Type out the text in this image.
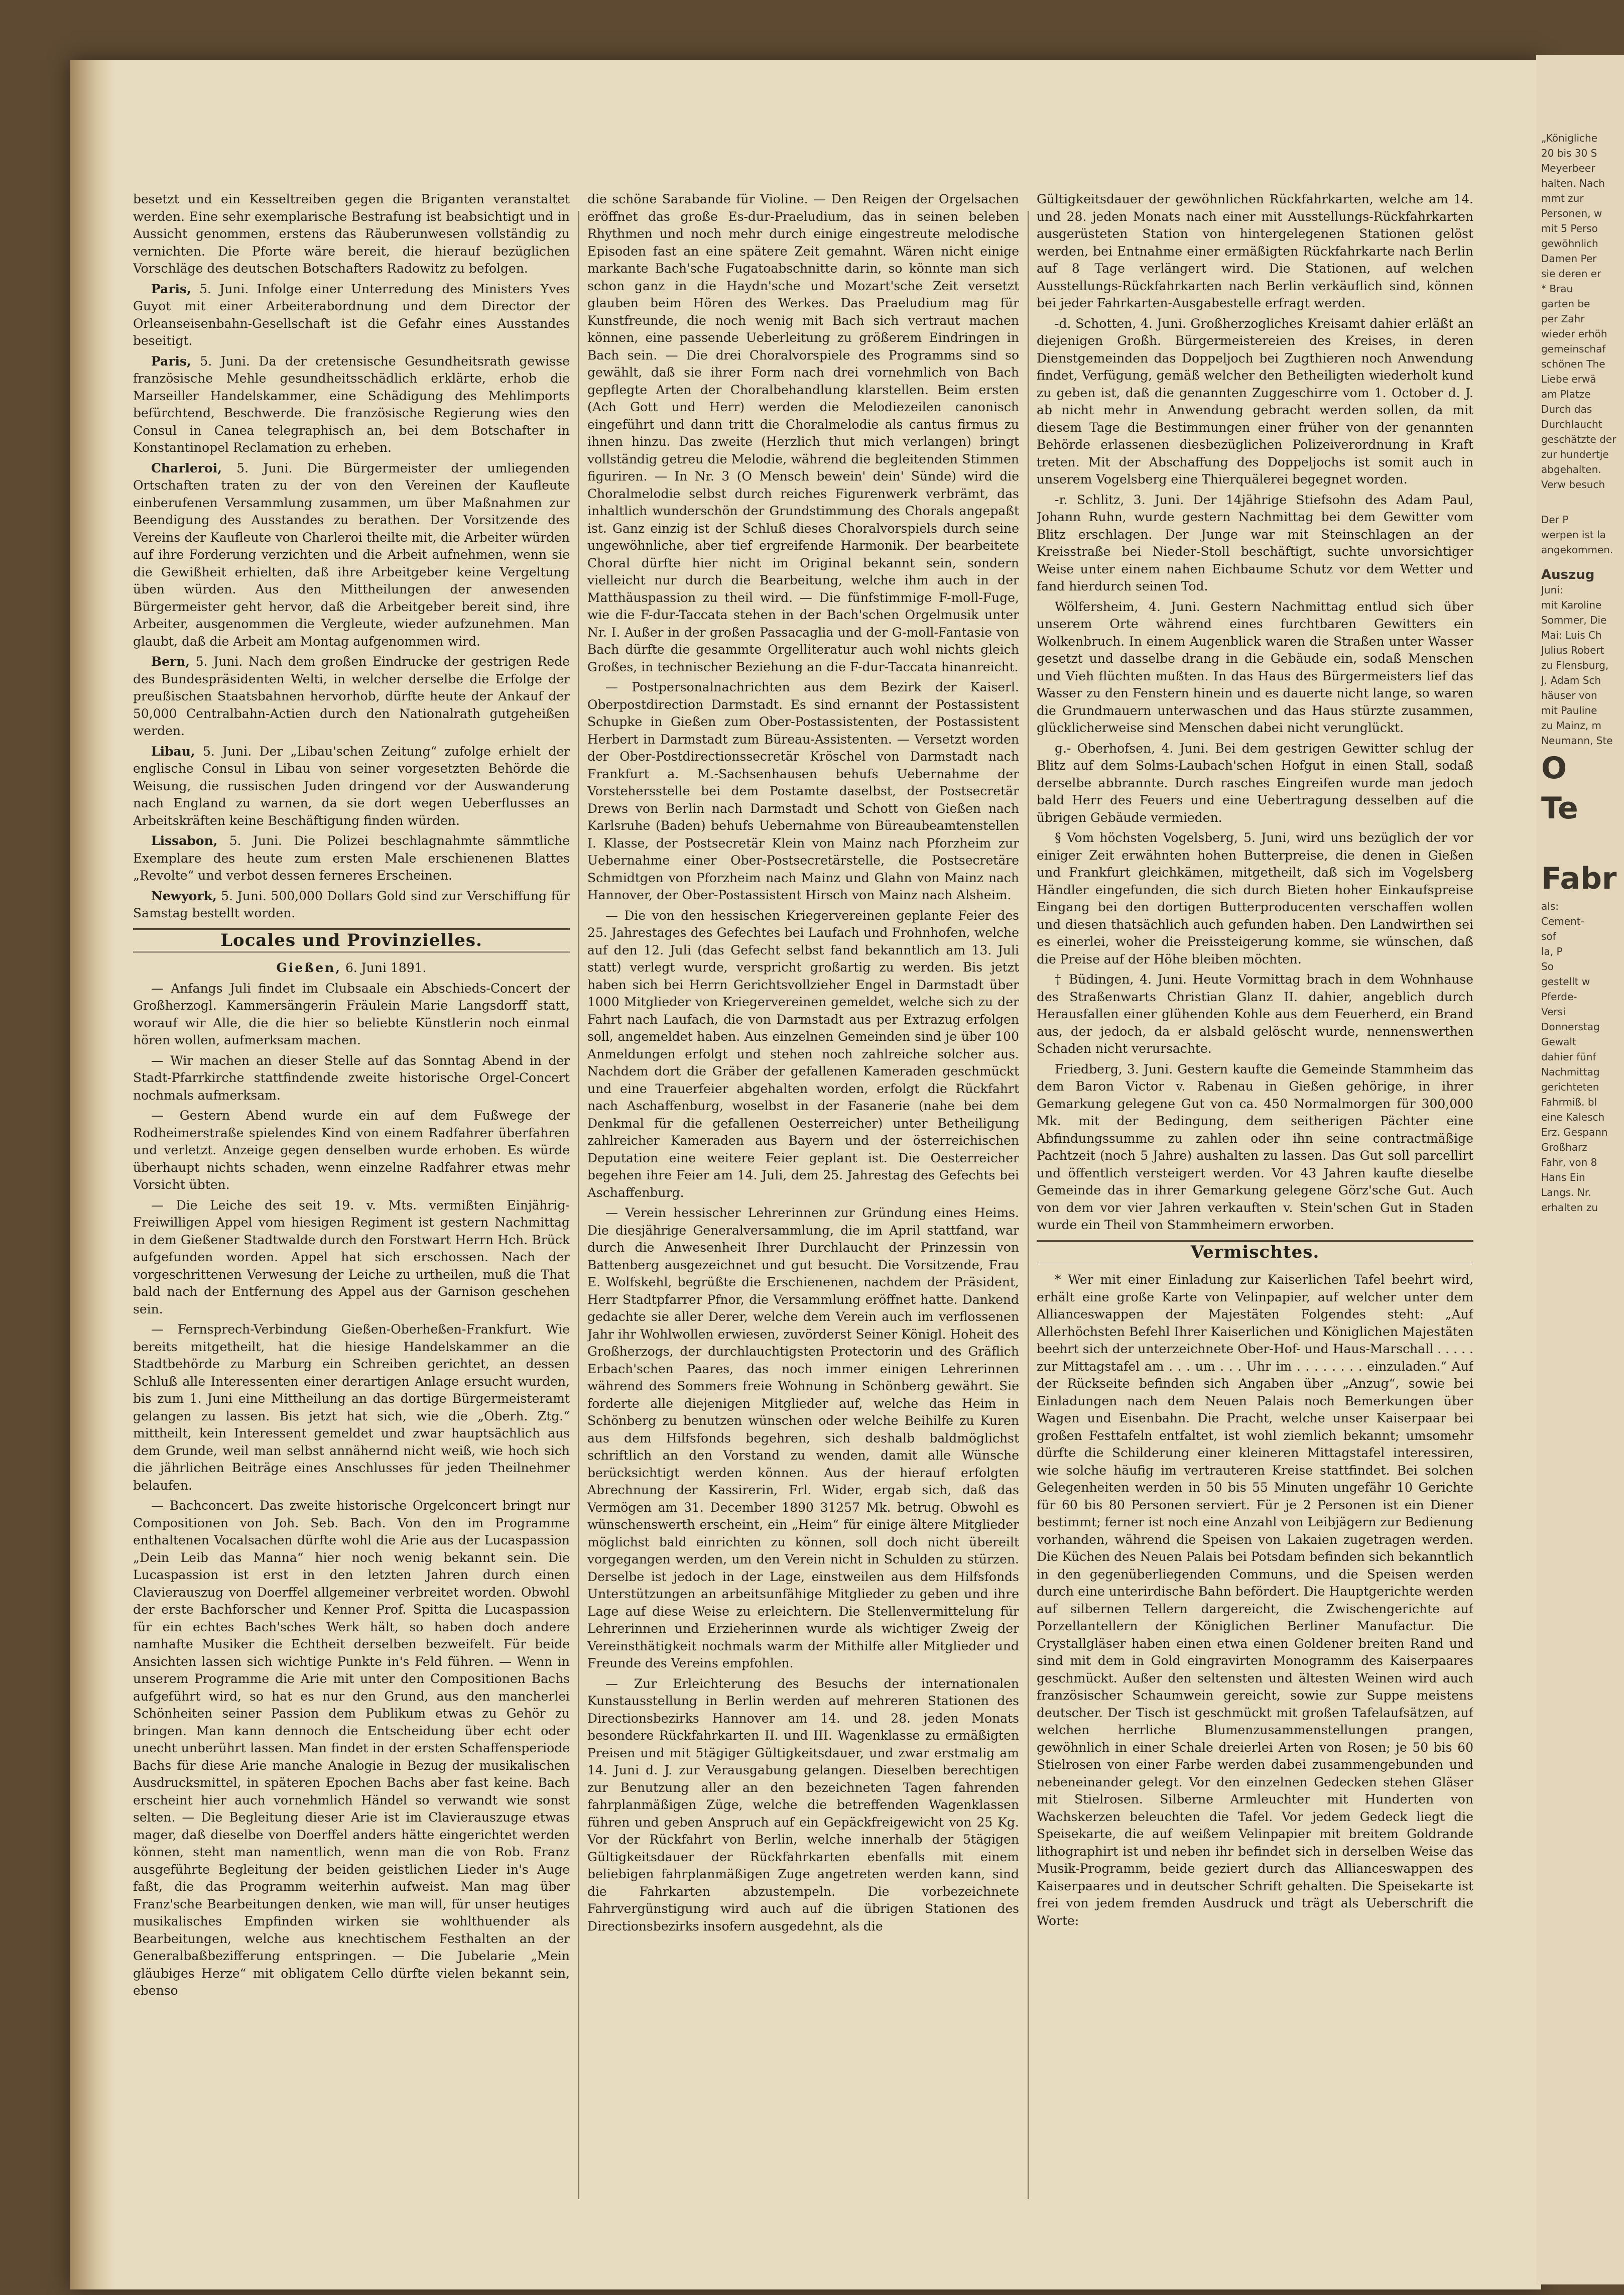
besetzt und ein Kesseltreiben gegen die Briganten veranstaltet werden. Eine sehr exemplarische Bestrafung ist beabsichtigt und in Aussicht genommen, erstens das Räuberunwesen vollständig zu vernichten. Die Pforte wäre bereit, die hierauf bezüglichen Vorschläge des deutschen Botschafters Radowitz zu befolgen.

Paris, 5. Juni. Infolge einer Unterredung des Ministers Yves Guyot mit einer Arbeiterabordnung und dem Director der Orleanseisenbahn-Gesellschaft ist die Gefahr eines Ausstandes beseitigt.

Paris, 5. Juni. Da der cretensische Gesundheitsrath gewisse französische Mehle gesundheitsschädlich erklärte, erhob die Marseiller Handelskammer, eine Schädigung des Mehlimports befürchtend, Beschwerde. Die französische Regierung wies den Consul in Canea telegraphisch an, bei dem Botschafter in Konstantinopel Reclamation zu erheben.

Charleroi, 5. Juni. Die Bürgermeister der umliegenden Ortschaften traten zu der von den Vereinen der Kaufleute einberufenen Versammlung zusammen, um über Maßnahmen zur Beendigung des Ausstandes zu berathen. Der Vorsitzende des Vereins der Kaufleute von Charleroi theilte mit, die Arbeiter würden auf ihre Forderung verzichten und die Arbeit aufnehmen, wenn sie die Gewißheit erhielten, daß ihre Arbeitgeber keine Vergeltung üben würden. Aus den Mittheilungen der anwesenden Bürgermeister geht hervor, daß die Arbeitgeber bereit sind, ihre Arbeiter, ausgenommen die Vergleute, wieder aufzunehmen. Man glaubt, daß die Arbeit am Montag aufgenommen wird.

Bern, 5. Juni. Nach dem großen Eindrucke der gestrigen Rede des Bundespräsidenten Welti, in welcher derselbe die Erfolge der preußischen Staatsbahnen hervorhob, dürfte heute der Ankauf der 50,000 Centralbahn-Actien durch den Nationalrath gutgeheißen werden.

Libau, 5. Juni. Der „Libau'schen Zeitung“ zufolge erhielt der englische Consul in Libau von seiner vorgesetzten Behörde die Weisung, die russischen Juden dringend vor der Auswanderung nach England zu warnen, da sie dort wegen Ueberflusses an Arbeitskräften keine Beschäftigung finden würden.

Lissabon, 5. Juni. Die Polizei beschlagnahmte sämmtliche Exemplare des heute zum ersten Male erschienenen Blattes „Revolte“ und verbot dessen ferneres Erscheinen.

Newyork, 5. Juni. 500,000 Dollars Gold sind zur Verschiffung für Samstag bestellt worden.

Locales und Provinzielles.

Gießen, 6. Juni 1891.

— Anfangs Juli findet im Clubsaale ein Abschieds-Concert der Großherzogl. Kammersängerin Fräulein Marie Langsdorff statt, worauf wir Alle, die die hier so beliebte Künstlerin noch einmal hören wollen, aufmerksam machen.

— Wir machen an dieser Stelle auf das Sonntag Abend in der Stadt-Pfarrkirche stattfindende zweite historische Orgel-Concert nochmals aufmerksam.

— Gestern Abend wurde ein auf dem Fußwege der Rodheimerstraße spielendes Kind von einem Radfahrer überfahren und verletzt. Anzeige gegen denselben wurde erhoben. Es würde überhaupt nichts schaden, wenn einzelne Radfahrer etwas mehr Vorsicht übten.

— Die Leiche des seit 19. v. Mts. vermißten Einjährig-Freiwilligen Appel vom hiesigen Regiment ist gestern Nachmittag in dem Gießener Stadtwalde durch den Forstwart Herrn Hch. Brück aufgefunden worden. Appel hat sich erschossen. Nach der vorgeschrittenen Verwesung der Leiche zu urtheilen, muß die That bald nach der Entfernung des Appel aus der Garnison geschehen sein.

— Fernsprech-Verbindung Gießen-Oberheßen-Frankfurt. Wie bereits mitgetheilt, hat die hiesige Handelskammer an die Stadtbehörde zu Marburg ein Schreiben gerichtet, an dessen Schluß alle Interessenten einer derartigen Anlage ersucht wurden, bis zum 1. Juni eine Mittheilung an das dortige Bürgermeisteramt gelangen zu lassen. Bis jetzt hat sich, wie die „Oberh. Ztg.“ mittheilt, kein Interessent gemeldet und zwar hauptsächlich aus dem Grunde, weil man selbst annähernd nicht weiß, wie hoch sich die jährlichen Beiträge eines Anschlusses für jeden Theilnehmer belaufen.

— Bachconcert. Das zweite historische Orgelconcert bringt nur Compositionen von Joh. Seb. Bach. Von den im Programme enthaltenen Vocalsachen dürfte wohl die Arie aus der Lucaspassion „Dein Leib das Manna“ hier noch wenig bekannt sein. Die Lucaspassion ist erst in den letzten Jahren durch einen Clavierauszug von Doerffel allgemeiner verbreitet worden. Obwohl der erste Bachforscher und Kenner Prof. Spitta die Lucaspassion für ein echtes Bach'sches Werk hält, so haben doch andere namhafte Musiker die Echtheit derselben bezweifelt. Für beide Ansichten lassen sich wichtige Punkte in's Feld führen. — Wenn in unserem Programme die Arie mit unter den Compositionen Bachs aufgeführt wird, so hat es nur den Grund, aus den mancherlei Schönheiten seiner Passion dem Publikum etwas zu Gehör zu bringen. Man kann dennoch die Entscheidung über echt oder unecht unberührt lassen. Man findet in der ersten Schaffensperiode Bachs für diese Arie manche Analogie in Bezug der musikalischen Ausdrucksmittel, in späteren Epochen Bachs aber fast keine. Bach erscheint hier auch vornehmlich Händel so verwandt wie sonst selten. — Die Begleitung dieser Arie ist im Clavierauszuge etwas mager, daß dieselbe von Doerffel anders hätte eingerichtet werden können, steht man namentlich, wenn man die von Rob. Franz ausgeführte Begleitung der beiden geistlichen Lieder in's Auge faßt, die das Programm weiterhin aufweist. Man mag über Franz'sche Bearbeitungen denken, wie man will, für unser heutiges musikalisches Empfinden wirken sie wohlthuender als Bearbeitungen, welche aus knechtischem Festhalten an der Generalbaßbezifferung entspringen. — Die Jubelarie „Mein gläubiges Herze“ mit obligatem Cello dürfte vielen bekannt sein, ebenso

die schöne Sarabande für Violine. — Den Reigen der Orgelsachen eröffnet das große Es-dur-Praeludium, das in seinen beleben Rhythmen und noch mehr durch einige eingestreute melodische Episoden fast an eine spätere Zeit gemahnt. Wären nicht einige markante Bach'sche Fugatoabschnitte darin, so könnte man sich schon ganz in die Haydn'sche und Mozart'sche Zeit versetzt glauben beim Hören des Werkes. Das Praeludium mag für Kunstfreunde, die noch wenig mit Bach sich vertraut machen können, eine passende Ueberleitung zu größerem Eindringen in Bach sein. — Die drei Choralvorspiele des Programms sind so gewählt, daß sie ihrer Form nach drei vornehmlich von Bach gepflegte Arten der Choralbehandlung klarstellen. Beim ersten (Ach Gott und Herr) werden die Melodiezeilen canonisch eingeführt und dann tritt die Choralmelodie als cantus firmus zu ihnen hinzu. Das zweite (Herzlich thut mich verlangen) bringt vollständig getreu die Melodie, während die begleitenden Stimmen figuriren. — In Nr. 3 (O Mensch bewein' dein' Sünde) wird die Choralmelodie selbst durch reiches Figurenwerk verbrämt, das inhaltlich wunderschön der Grundstimmung des Chorals angepaßt ist. Ganz einzig ist der Schluß dieses Choralvorspiels durch seine ungewöhnliche, aber tief ergreifende Harmonik. Der bearbeitete Choral dürfte hier nicht im Original bekannt sein, sondern vielleicht nur durch die Bearbeitung, welche ihm auch in der Matthäuspassion zu theil wird. — Die fünfstimmige F-moll-Fuge, wie die F-dur-Taccata stehen in der Bach'schen Orgelmusik unter Nr. I. Außer in der großen Passacaglia und der G-moll-Fantasie von Bach dürfte die gesammte Orgelliteratur auch wohl nichts gleich Großes, in technischer Beziehung an die F-dur-Taccata hinanreicht.

— Postpersonalnachrichten aus dem Bezirk der Kaiserl. Oberpostdirection Darmstadt. Es sind ernannt der Postassistent Schupke in Gießen zum Ober-Postassistenten, der Postassistent Herbert in Darmstadt zum Büreau-Assistenten. — Versetzt worden der Ober-Postdirectionssecretär Kröschel von Darmstadt nach Frankfurt a. M.-Sachsenhausen behufs Uebernahme der Vorstehersstelle bei dem Postamte daselbst, der Postsecretär Drews von Berlin nach Darmstadt und Schott von Gießen nach Karlsruhe (Baden) behufs Uebernahme von Büreaubeamtenstellen I. Klasse, der Postsecretär Klein von Mainz nach Pforzheim zur Uebernahme einer Ober-Postsecretärstelle, die Postsecretäre Schmidtgen von Pforzheim nach Mainz und Glahn von Mainz nach Hannover, der Ober-Postassistent Hirsch von Mainz nach Alsheim.

— Die von den hessischen Kriegervereinen geplante Feier des 25. Jahrestages des Gefechtes bei Laufach und Frohnhofen, welche auf den 12. Juli (das Gefecht selbst fand bekanntlich am 13. Juli statt) verlegt wurde, verspricht großartig zu werden. Bis jetzt haben sich bei Herrn Gerichtsvollzieher Engel in Darmstadt über 1000 Mitglieder von Kriegervereinen gemeldet, welche sich zu der Fahrt nach Laufach, die von Darmstadt aus per Extrazug erfolgen soll, angemeldet haben. Aus einzelnen Gemeinden sind je über 100 Anmeldungen erfolgt und stehen noch zahlreiche solcher aus. Nachdem dort die Gräber der gefallenen Kameraden geschmückt und eine Trauerfeier abgehalten worden, erfolgt die Rückfahrt nach Aschaffenburg, woselbst in der Fasanerie (nahe bei dem Denkmal für die gefallenen Oesterreicher) unter Betheiligung zahlreicher Kameraden aus Bayern und der österreichischen Deputation eine weitere Feier geplant ist. Die Oesterreicher begehen ihre Feier am 14. Juli, dem 25. Jahrestag des Gefechts bei Aschaffenburg.

— Verein hessischer Lehrerinnen zur Gründung eines Heims. Die diesjährige Generalversammlung, die im April stattfand, war durch die Anwesenheit Ihrer Durchlaucht der Prinzessin von Battenberg ausgezeichnet und gut besucht. Die Vorsitzende, Frau E. Wolfskehl, begrüßte die Erschienenen, nachdem der Präsident, Herr Stadtpfarrer Pfnor, die Versammlung eröffnet hatte. Dankend gedachte sie aller Derer, welche dem Verein auch im verflossenen Jahr ihr Wohlwollen erwiesen, zuvörderst Seiner Königl. Hoheit des Großherzogs, der durchlauchtigsten Protectorin und des Gräflich Erbach'schen Paares, das noch immer einigen Lehrerinnen während des Sommers freie Wohnung in Schönberg gewährt. Sie forderte alle diejenigen Mitglieder auf, welche das Heim in Schönberg zu benutzen wünschen oder welche Beihilfe zu Kuren aus dem Hilfsfonds begehren, sich deshalb baldmöglichst schriftlich an den Vorstand zu wenden, damit alle Wünsche berücksichtigt werden können. Aus der hierauf erfolgten Abrechnung der Kassirerin, Frl. Wider, ergab sich, daß das Vermögen am 31. December 1890 31257 Mk. betrug. Obwohl es wünschenswerth erscheint, ein „Heim“ für einige ältere Mitglieder möglichst bald einrichten zu können, soll doch nicht übereilt vorgegangen werden, um den Verein nicht in Schulden zu stürzen. Derselbe ist jedoch in der Lage, einstweilen aus dem Hilfsfonds Unterstützungen an arbeitsunfähige Mitglieder zu geben und ihre Lage auf diese Weise zu erleichtern. Die Stellenvermittelung für Lehrerinnen und Erzieherinnen wurde als wichtiger Zweig der Vereinsthätigkeit nochmals warm der Mithilfe aller Mitglieder und Freunde des Vereins empfohlen.

— Zur Erleichterung des Besuchs der internationalen Kunstausstellung in Berlin werden auf mehreren Stationen des Directionsbezirks Hannover am 14. und 28. jeden Monats besondere Rückfahrkarten II. und III. Wagenklasse zu ermäßigten Preisen und mit 5tägiger Gültigkeitsdauer, und zwar erstmalig am 14. Juni d. J. zur Verausgabung gelangen. Dieselben berechtigen zur Benutzung aller an den bezeichneten Tagen fahrenden fahrplanmäßigen Züge, welche die betreffenden Wagenklassen führen und geben Anspruch auf ein Gepäckfreigewicht von 25 Kg. Vor der Rückfahrt von Berlin, welche innerhalb der 5tägigen Gültigkeitsdauer der Rückfahrkarten ebenfalls mit einem beliebigen fahrplanmäßigen Zuge angetreten werden kann, sind die Fahrkarten abzustempeln. Die vorbezeichnete Fahrvergünstigung wird auch auf die übrigen Stationen des Directionsbezirks insofern ausgedehnt, als die

Gültigkeitsdauer der gewöhnlichen Rückfahrkarten, welche am 14. und 28. jeden Monats nach einer mit Ausstellungs-Rückfahrkarten ausgerüsteten Station von hintergelegenen Stationen gelöst werden, bei Entnahme einer ermäßigten Rückfahrkarte nach Berlin auf 8 Tage verlängert wird. Die Stationen, auf welchen Ausstellungs-Rückfahrkarten nach Berlin verkäuflich sind, können bei jeder Fahrkarten-Ausgabestelle erfragt werden.

-d. Schotten, 4. Juni. Großherzogliches Kreisamt dahier erläßt an diejenigen Großh. Bürgermeistereien des Kreises, in deren Dienstgemeinden das Doppeljoch bei Zugthieren noch Anwendung findet, Verfügung, gemäß welcher den Betheiligten wiederholt kund zu geben ist, daß die genannten Zuggeschirre vom 1. October d. J. ab nicht mehr in Anwendung gebracht werden sollen, da mit diesem Tage die Bestimmungen einer früher von der genannten Behörde erlassenen diesbezüglichen Polizeiverordnung in Kraft treten. Mit der Abschaffung des Doppeljochs ist somit auch in unserem Vogelsberg eine Thierquälerei begegnet worden.

-r. Schlitz, 3. Juni. Der 14jährige Stiefsohn des Adam Paul, Johann Ruhn, wurde gestern Nachmittag bei dem Gewitter vom Blitz erschlagen. Der Junge war mit Steinschlagen an der Kreisstraße bei Nieder-Stoll beschäftigt, suchte unvorsichtiger Weise unter einem nahen Eichbaume Schutz vor dem Wetter und fand hierdurch seinen Tod.

Wölfersheim, 4. Juni. Gestern Nachmittag entlud sich über unserem Orte während eines furchtbaren Gewitters ein Wolkenbruch. In einem Augenblick waren die Straßen unter Wasser gesetzt und dasselbe drang in die Gebäude ein, sodaß Menschen und Vieh flüchten mußten. In das Haus des Bürgermeisters lief das Wasser zu den Fenstern hinein und es dauerte nicht lange, so waren die Grundmauern unterwaschen und das Haus stürzte zusammen, glücklicherweise sind Menschen dabei nicht verunglückt.

g.- Oberhofsen, 4. Juni. Bei dem gestrigen Gewitter schlug der Blitz auf dem Solms-Laubach'schen Hofgut in einen Stall, sodaß derselbe abbrannte. Durch rasches Eingreifen wurde man jedoch bald Herr des Feuers und eine Uebertragung desselben auf die übrigen Gebäude vermieden.

§ Vom höchsten Vogelsberg, 5. Juni, wird uns bezüglich der vor einiger Zeit erwähnten hohen Butterpreise, die denen in Gießen und Frankfurt gleichkämen, mitgetheilt, daß sich im Vogelsberg Händler eingefunden, die sich durch Bieten hoher Einkaufspreise Eingang bei den dortigen Butterproducenten verschaffen wollen und diesen thatsächlich auch gefunden haben. Den Landwirthen sei es einerlei, woher die Preissteigerung komme, sie wünschen, daß die Preise auf der Höhe bleiben möchten.

† Büdingen, 4. Juni. Heute Vormittag brach in dem Wohnhause des Straßenwarts Christian Glanz II. dahier, angeblich durch Herausfallen einer glühenden Kohle aus dem Feuerherd, ein Brand aus, der jedoch, da er alsbald gelöscht wurde, nennenswerthen Schaden nicht verursachte.

Friedberg, 3. Juni. Gestern kaufte die Gemeinde Stammheim das dem Baron Victor v. Rabenau in Gießen gehörige, in ihrer Gemarkung gelegene Gut von ca. 450 Normalmorgen für 300,000 Mk. mit der Bedingung, dem seitherigen Pächter eine Abfindungssumme zu zahlen oder ihn seine contractmäßige Pachtzeit (noch 5 Jahre) aushalten zu lassen. Das Gut soll parcellirt und öffentlich versteigert werden. Vor 43 Jahren kaufte dieselbe Gemeinde das in ihrer Gemarkung gelegene Görz'sche Gut. Auch von dem vor vier Jahren verkauften v. Stein'schen Gut in Staden wurde ein Theil von Stammheimern erworben.

Vermischtes.

* Wer mit einer Einladung zur Kaiserlichen Tafel beehrt wird, erhält eine große Karte von Velinpapier, auf welcher unter dem Allianceswappen der Majestäten Folgendes steht: „Auf Allerhöchsten Befehl Ihrer Kaiserlichen und Königlichen Majestäten beehrt sich der unterzeichnete Ober-Hof- und Haus-Marschall . . . . . zur Mittagstafel am . . . um . . . Uhr im . . . . . . . . einzuladen.“ Auf der Rückseite befinden sich Angaben über „Anzug“, sowie bei Einladungen nach dem Neuen Palais noch Bemerkungen über Wagen und Eisenbahn. Die Pracht, welche unser Kaiserpaar bei großen Festtafeln entfaltet, ist wohl ziemlich bekannt; umsomehr dürfte die Schilderung einer kleineren Mittagstafel interessiren, wie solche häufig im vertrauteren Kreise stattfindet. Bei solchen Gelegenheiten werden in 50 bis 55 Minuten ungefähr 10 Gerichte für 60 bis 80 Personen serviert. Für je 2 Personen ist ein Diener bestimmt; ferner ist noch eine Anzahl von Leibjägern zur Bedienung vorhanden, während die Speisen von Lakaien zugetragen werden. Die Küchen des Neuen Palais bei Potsdam befinden sich bekanntlich in den gegenüberliegenden Communs, und die Speisen werden durch eine unterirdische Bahn befördert. Die Hauptgerichte werden auf silbernen Tellern dargereicht, die Zwischengerichte auf Porzellantellern der Königlichen Berliner Manufactur. Die Crystallgläser haben einen etwa einen Goldener breiten Rand und sind mit dem in Gold eingravirten Monogramm des Kaiserpaares geschmückt. Außer den seltensten und ältesten Weinen wird auch französischer Schaumwein gereicht, sowie zur Suppe meistens deutscher. Der Tisch ist geschmückt mit großen Tafelaufsätzen, auf welchen herrliche Blumenzusammenstellungen prangen, gewöhnlich in einer Schale dreierlei Arten von Rosen; je 50 bis 60 Stielrosen von einer Farbe werden dabei zusammengebunden und nebeneinander gelegt. Vor den einzelnen Gedecken stehen Gläser mit Stielrosen. Silberne Armleuchter mit Hunderten von Wachskerzen beleuchten die Tafel. Vor jedem Gedeck liegt die Speisekarte, die auf weißem Velinpapier mit breitem Goldrande lithographirt ist und neben ihr befindet sich in derselben Weise das Musik-Programm, beide geziert durch das Allianceswappen des Kaiserpaares und in deutscher Schrift gehalten. Die Speisekarte ist frei von jedem fremden Ausdruck und trägt als Ueberschrift die Worte:

„Königliche
20 bis 30 S
Meyerbeer
halten. Nach
mmt zur
Personen, w
mit 5 Perso
gewöhnlich
Damen Per
sie deren er
* Brau
garten be
per Zahr
wieder erhöh
gemeinschaf
schönen The
Liebe erwä
am Platze
Durch das
Durchlaucht
geschätzte der
zur hundertje
abgehalten.
Verw besuch
Der P
werpen ist la
angekommen.
Auszug
Juni:
mit Karoline
Sommer, Die
Mai: Luis Ch
Julius Robert
zu Flensburg,
J. Adam Sch
häuser von
mit Pauline
zu Mainz, m
Neumann, Ste
O
Te
Fabr
als:
Cement-
sof
la, P
So
gestellt w
Pferde-
Versi
Donnerstag
Gewalt
dahier fünf
Nachmittag
gerichteten
Fahrmiß. bl
eine Kalesch
Erz. Gespann
Großharz
Fahr, von 8
Hans Ein
Langs. Nr.
erhalten zu
